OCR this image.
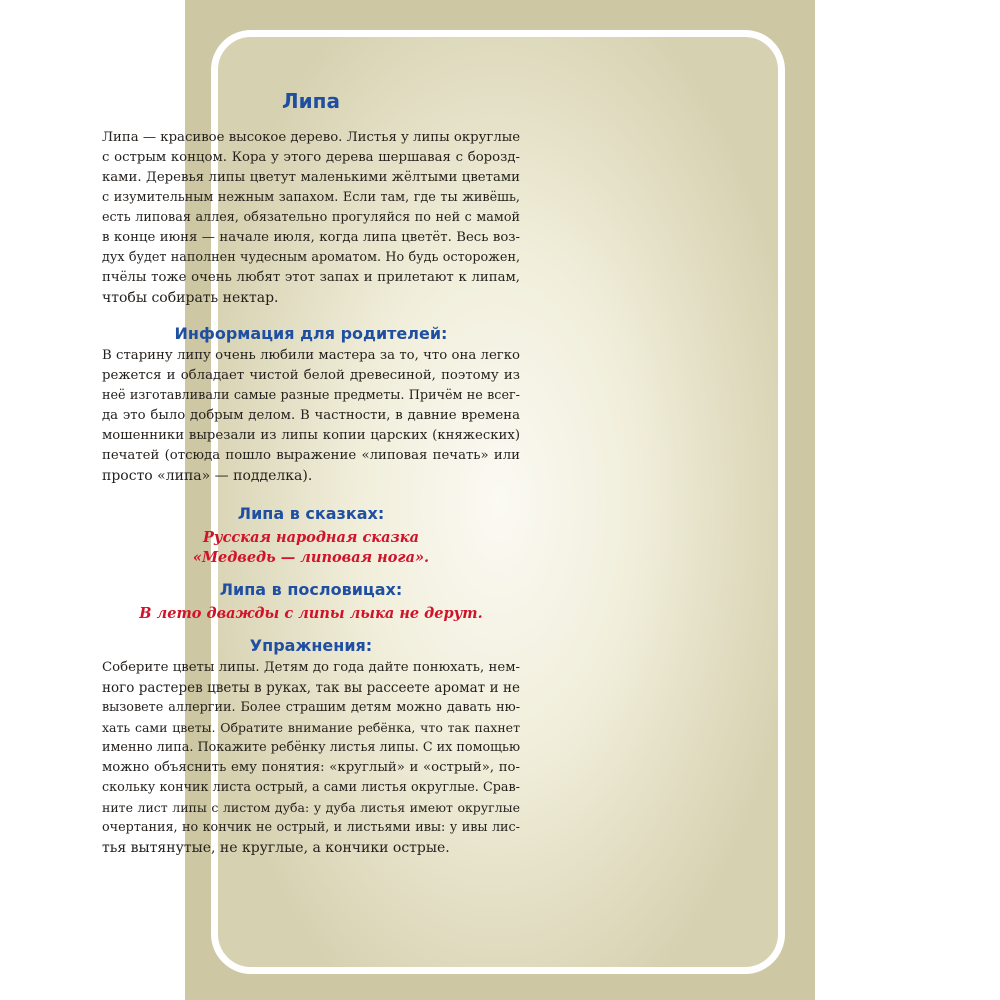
Липа
Липа — красивое высокое дерево. Листья у липы округлые
с острым концом. Кора у этого дерева шершавая с борозд-
ками. Деревья липы цветут маленькими жёлтыми цветами
с изумительным нежным запахом. Если там, где ты живёшь,
есть липовая аллея, обязательно прогуляйся по ней с мамой
в конце июня — начале июля, когда липа цветёт. Весь воз-
дух будет наполнен чудесным ароматом. Но будь осторожен,
пчёлы тоже очень любят этот запах и прилетают к липам,
чтобы собирать нектар.
Информация для родителей:
В старину липу очень любили мастера за то, что она легко
режется и обладает чистой белой древесиной, поэтому из
неё изготавливали самые разные предметы. Причём не всег-
да это было добрым делом. В частности, в давние времена
мошенники вырезали из липы копии царских (княжеских)
печатей (отсюда пошло выражение «липовая печать» или
просто «липа» — подделка).
Липа в сказках:
Русская народная сказка
«Медведь — липовая нога».
Липа в пословицах:
В лето дважды с липы лыка не дерут.
Упражнения:
Соберите цветы липы. Детям до года дайте понюхать, нем-
ного растерев цветы в руках, так вы рассеете аромат и не
вызовете аллергии. Более страшим детям можно давать ню-
хать сами цветы. Обратите внимание ребёнка, что так пахнет
именно липа. Покажите ребёнку листья липы. С их помощью
можно объяснить ему понятия: «круглый» и «острый», по-
скольку кончик листа острый, а сами листья округлые. Срав-
ните лист липы с листом дуба: у дуба листья имеют округлые
очертания, но кончик не острый, и листьями ивы: у ивы лис-
тья вытянутые, не круглые, а кончики острые.
